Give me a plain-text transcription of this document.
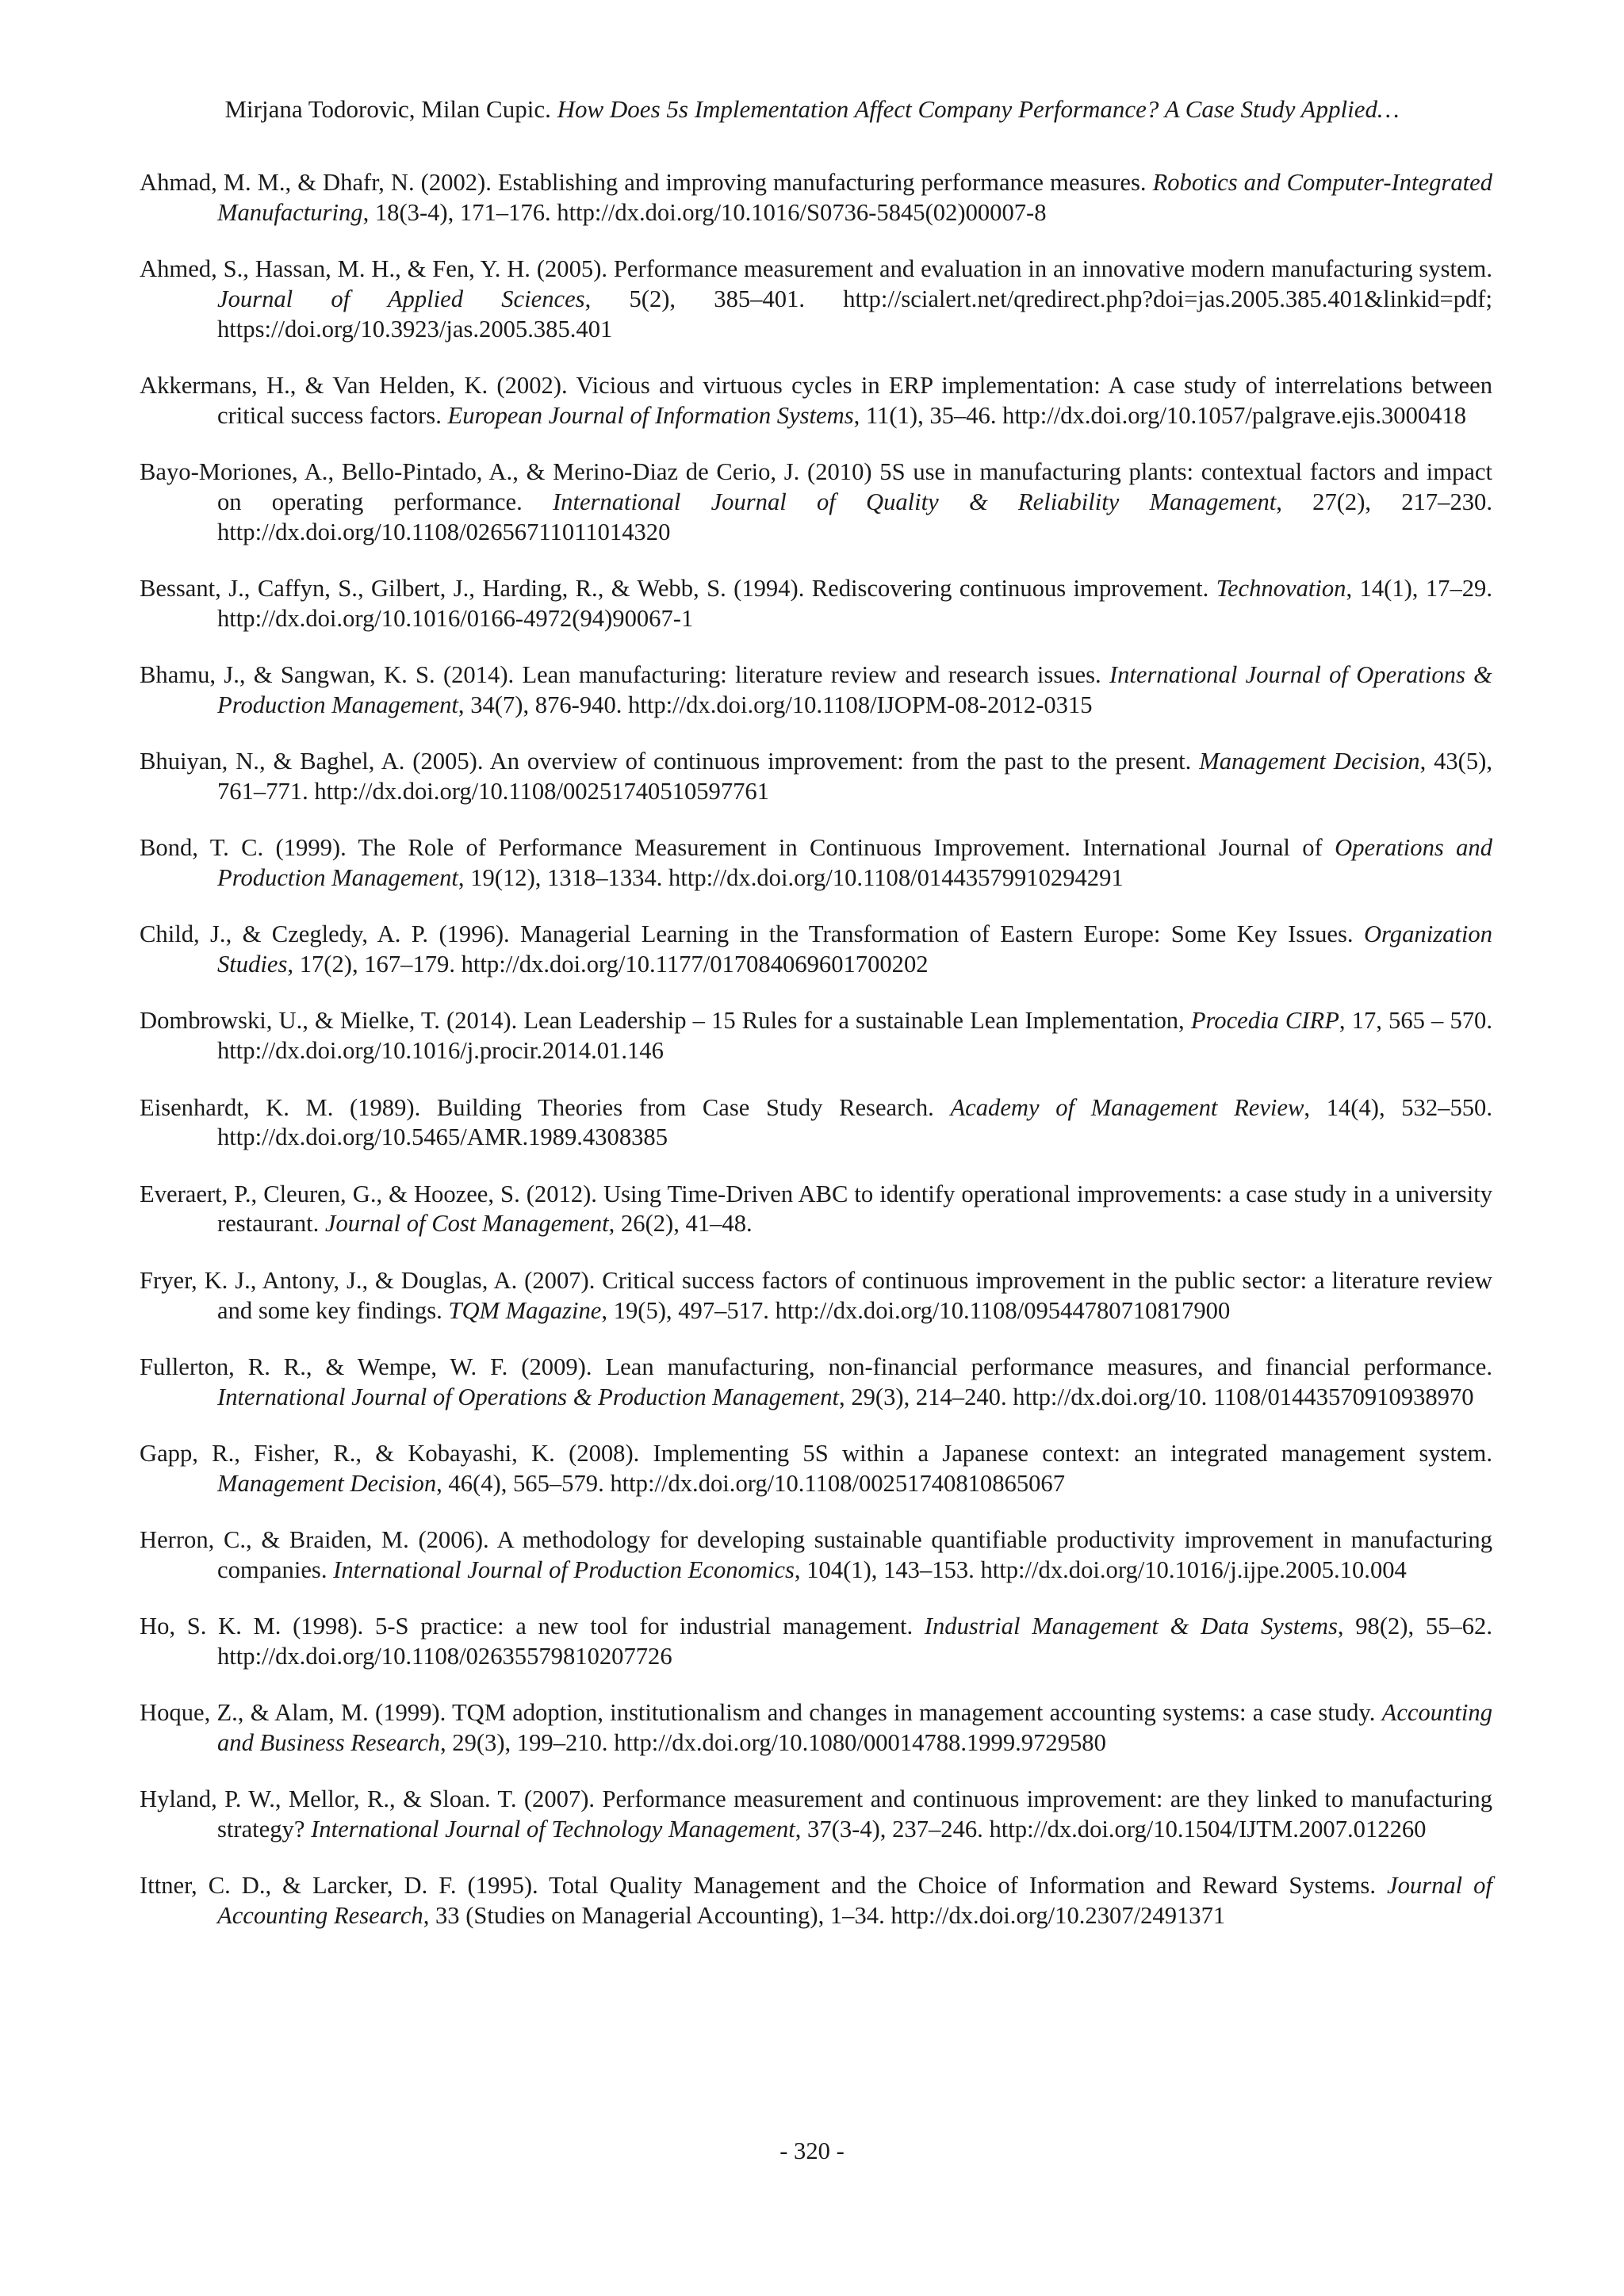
Mirjana Todorovic, Milan Cupic. How Does 5s Implementation Affect Company Performance? A Case Study Applied…

Ahmad, M. M., & Dhafr, N. (2002). Establishing and improving manufacturing performance measures. Robotics and Computer-Integrated Manufacturing, 18(3-4), 171–176. http://dx.doi.org/10.1016/S0736-5845(02)00007-8

Ahmed, S., Hassan, M. H., & Fen, Y. H. (2005). Performance measurement and evaluation in an innovative modern manufacturing system. Journal of Applied Sciences, 5(2), 385–401. http://scialert.net/qredirect.php?doi=jas.2005.385.401&linkid=pdf; https://doi.org/10.3923/jas.2005.385.401

Akkermans, H., & Van Helden, K. (2002). Vicious and virtuous cycles in ERP implementation: A case study of interrelations between critical success factors. European Journal of Information Systems, 11(1), 35–46. http://dx.doi.org/10.1057/palgrave.ejis.3000418

Bayo-Moriones, A., Bello-Pintado, A., & Merino-Diaz de Cerio, J. (2010) 5S use in manufacturing plants: contextual factors and impact on operating performance. International Journal of Quality & Reliability Management, 27(2), 217–230. http://dx.doi.org/10.1108/02656711011014320

Bessant, J., Caffyn, S., Gilbert, J., Harding, R., & Webb, S. (1994). Rediscovering continuous improvement. Technovation, 14(1), 17–29. http://dx.doi.org/10.1016/0166-4972(94)90067-1

Bhamu, J., & Sangwan, K. S. (2014). Lean manufacturing: literature review and research issues. International Journal of Operations & Production Management, 34(7), 876-940. http://dx.doi.org/10.1108/IJOPM-08-2012-0315

Bhuiyan, N., & Baghel, A. (2005). An overview of continuous improvement: from the past to the present. Management Decision, 43(5), 761–771. http://dx.doi.org/10.1108/00251740510597761

Bond, T. C. (1999). The Role of Performance Measurement in Continuous Improvement. International Journal of Operations and Production Management, 19(12), 1318–1334. http://dx.doi.org/10.1108/01443579910294291

Child, J., & Czegledy, A. P. (1996). Managerial Learning in the Transformation of Eastern Europe: Some Key Issues. Organization Studies, 17(2), 167–179. http://dx.doi.org/10.1177/017084069601700202

Dombrowski, U., & Mielke, T. (2014). Lean Leadership – 15 Rules for a sustainable Lean Implementation, Procedia CIRP, 17, 565 – 570. http://dx.doi.org/10.1016/j.procir.2014.01.146

Eisenhardt, K. M. (1989). Building Theories from Case Study Research. Academy of Management Review, 14(4), 532–550. http://dx.doi.org/10.5465/AMR.1989.4308385

Everaert, P., Cleuren, G., & Hoozee, S. (2012). Using Time-Driven ABC to identify operational improvements: a case study in a university restaurant. Journal of Cost Management, 26(2), 41–48.

Fryer, K. J., Antony, J., & Douglas, A. (2007). Critical success factors of continuous improvement in the public sector: a literature review and some key findings. TQM Magazine, 19(5), 497–517. http://dx.doi.org/10.1108/09544780710817900

Fullerton, R. R., & Wempe, W. F. (2009). Lean manufacturing, non-financial performance measures, and financial performance. International Journal of Operations & Production Management, 29(3), 214–240. http://dx.doi.org/10. 1108/01443570910938970

Gapp, R., Fisher, R., & Kobayashi, K. (2008). Implementing 5S within a Japanese context: an integrated management system. Management Decision, 46(4), 565–579. http://dx.doi.org/10.1108/00251740810865067

Herron, C., & Braiden, M. (2006). A methodology for developing sustainable quantifiable productivity improvement in manufacturing companies. International Journal of Production Economics, 104(1), 143–153. http://dx.doi.org/10.1016/j.ijpe.2005.10.004

Ho, S. K. M. (1998). 5-S practice: a new tool for industrial management. Industrial Management & Data Systems, 98(2), 55–62. http://dx.doi.org/10.1108/02635579810207726

Hoque, Z., & Alam, M. (1999). TQM adoption, institutionalism and changes in management accounting systems: a case study. Accounting and Business Research, 29(3), 199–210. http://dx.doi.org/10.1080/00014788.1999.9729580

Hyland, P. W., Mellor, R., & Sloan. T. (2007). Performance measurement and continuous improvement: are they linked to manufacturing strategy? International Journal of Technology Management, 37(3-4), 237–246. http://dx.doi.org/10.1504/IJTM.2007.012260

Ittner, C. D., & Larcker, D. F. (1995). Total Quality Management and the Choice of Information and Reward Systems. Journal of Accounting Research, 33 (Studies on Managerial Accounting), 1–34. http://dx.doi.org/10.2307/2491371

- 320 -
